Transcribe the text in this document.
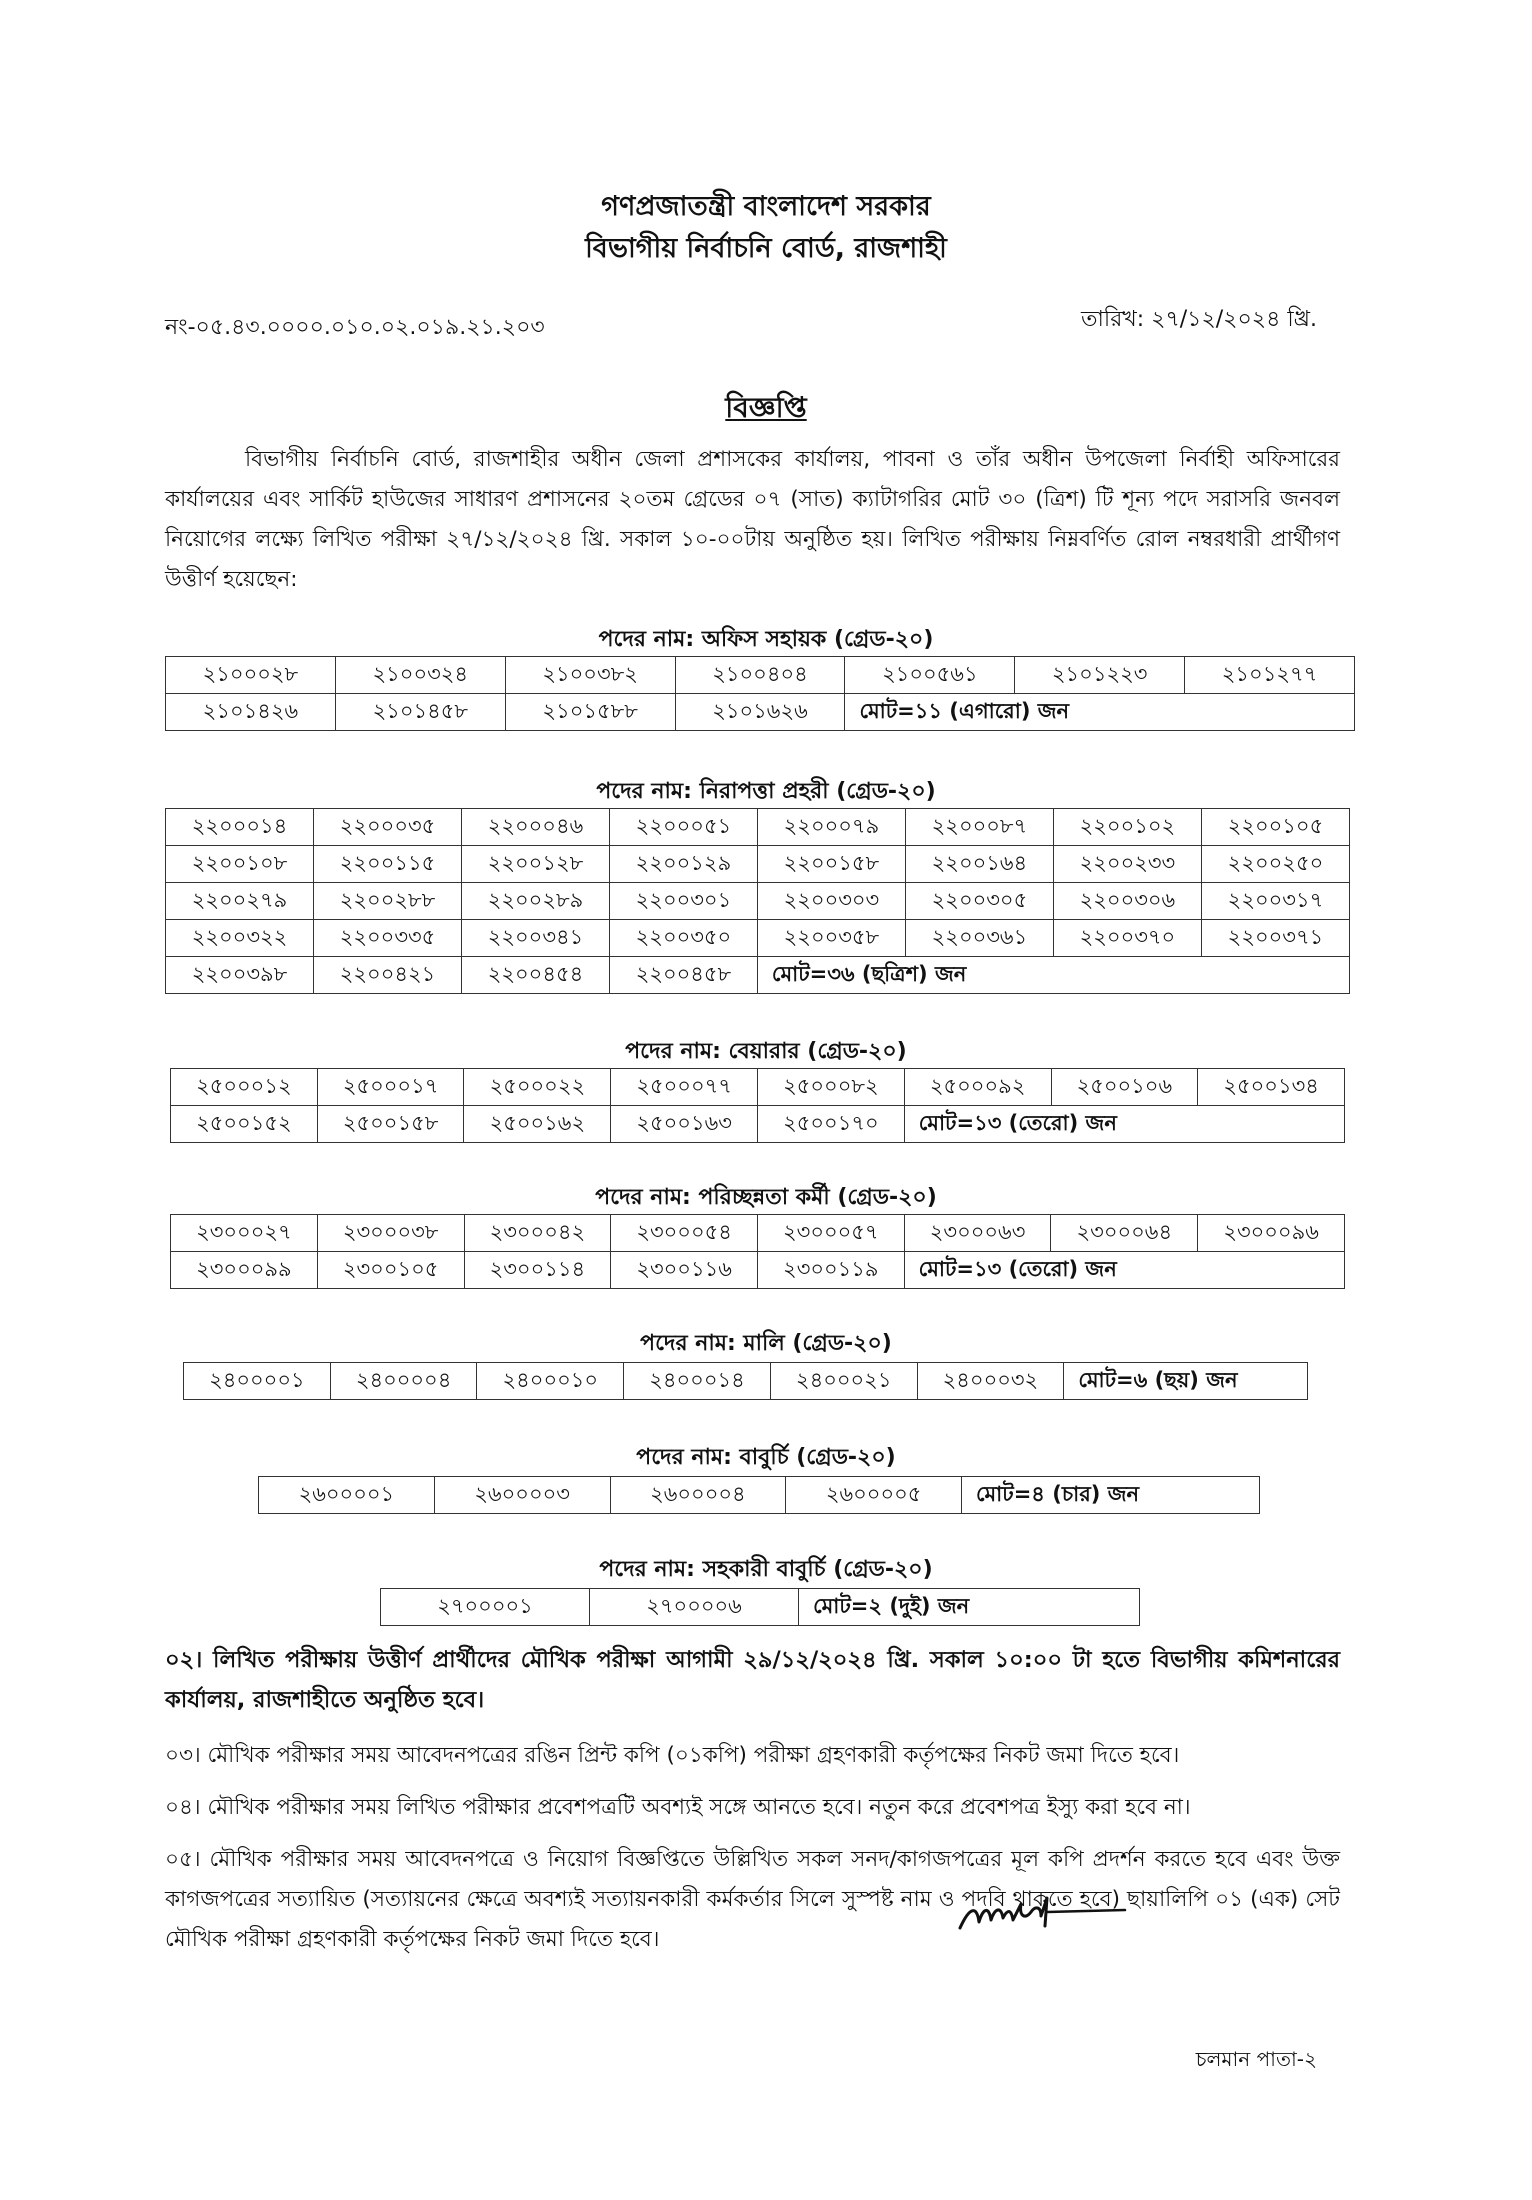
গণপ্রজাতন্ত্রী বাংলাদেশ সরকার
বিভাগীয় নির্বাচনি বোর্ড, রাজশাহী
নং-০৫.৪৩.০০০০.০১০.০২.০১৯.২১.২০৩	তারিখ: ২৭/১২/২০২৪ খ্রি.
বিজ্ঞপ্তি
বিভাগীয় নির্বাচনি বোর্ড, রাজশাহীর অধীন জেলা প্রশাসকের কার্যালয়, পাবনা ও তাঁর অধীন উপজেলা নির্বাহী অফিসারের কার্যালয়ের এবং সার্কিট হাউজের সাধারণ প্রশাসনের ২০তম গ্রেডের ০৭ (সাত) ক্যাটাগরির মোট ৩০ (ত্রিশ) টি শূন্য পদে সরাসরি জনবল নিয়োগের লক্ষ্যে লিখিত পরীক্ষা ২৭/১২/২০২৪ খ্রি. সকাল ১০-০০টায় অনুষ্ঠিত হয়। লিখিত পরীক্ষায় নিম্নবর্ণিত রোল নম্বরধারী প্রার্থীগণ উত্তীর্ণ হয়েছেন:
পদের নাম: অফিস সহায়ক (গ্রেড-২০)
২১০০০২৮	২১০০৩২৪	২১০০৩৮২	২১০০৪০৪	২১০০৫৬১	২১০১২২৩	২১০১২৭৭
২১০১৪২৬	২১০১৪৫৮	২১০১৫৮৮	২১০১৬২৬	মোট=১১ (এগারো) জন		
পদের নাম: নিরাপত্তা প্রহরী (গ্রেড-২০)
২২০০০১৪	২২০০০৩৫	২২০০০৪৬	২২০০০৫১	২২০০০৭৯	২২০০০৮৭	২২০০১০২	২২০০১০৫
২২০০১০৮	২২০০১১৫	২২০০১২৮	২২০০১২৯	২২০০১৫৮	২২০০১৬৪	২২০০২৩৩	২২০০২৫০
২২০০২৭৯	২২০০২৮৮	২২০০২৮৯	২২০০৩০১	২২০০৩০৩	২২০০৩০৫	২২০০৩০৬	২২০০৩১৭
২২০০৩২২	২২০০৩৩৫	২২০০৩৪১	২২০০৩৫০	২২০০৩৫৮	২২০০৩৬১	২২০০৩৭০	২২০০৩৭১
২২০০৩৯৮	২২০০৪২১	২২০০৪৫৪	২২০০৪৫৮	মোট=৩৬ (ছত্রিশ) জন			
পদের নাম: বেয়ারার (গ্রেড-২০)
২৫০০০১২	২৫০০০১৭	২৫০০০২২	২৫০০০৭৭	২৫০০০৮২	২৫০০০৯২	২৫০০১০৬	২৫০০১৩৪
২৫০০১৫২	২৫০০১৫৮	২৫০০১৬২	২৫০০১৬৩	২৫০০১৭০	মোট=১৩ (তেরো) জন		
পদের নাম: পরিচ্ছন্নতা কর্মী (গ্রেড-২০)
২৩০০০২৭	২৩০০০৩৮	২৩০০০৪২	২৩০০০৫৪	২৩০০০৫৭	২৩০০০৬৩	২৩০০০৬৪	২৩০০০৯৬
২৩০০০৯৯	২৩০০১০৫	২৩০০১১৪	২৩০০১১৬	২৩০০১১৯	মোট=১৩ (তেরো) জন		
পদের নাম: মালি (গ্রেড-২০)
২৪০০০০১	২৪০০০০৪	২৪০০০১০	২৪০০০১৪	২৪০০০২১	২৪০০০৩২	মোট=৬ (ছয়) জন
পদের নাম: বাবুর্চি (গ্রেড-২০)
২৬০০০০১	২৬০০০০৩	২৬০০০০৪	২৬০০০০৫	মোট=৪ (চার) জন
পদের নাম: সহকারী বাবুর্চি (গ্রেড-২০)
২৭০০০০১	২৭০০০০৬	মোট=২ (দুই) জন
০২। লিখিত পরীক্ষায় উত্তীর্ণ প্রার্থীদের মৌখিক পরীক্ষা আগামী ২৯/১২/২০২৪ খ্রি. সকাল ১০:০০ টা হতে বিভাগীয় কমিশনারের কার্যালয়, রাজশাহীতে অনুষ্ঠিত হবে।
০৩। মৌখিক পরীক্ষার সময় আবেদনপত্রের রঙিন প্রিন্ট কপি (০১কপি) পরীক্ষা গ্রহণকারী কর্তৃপক্ষের নিকট জমা দিতে হবে।
০৪। মৌখিক পরীক্ষার সময় লিখিত পরীক্ষার প্রবেশপত্রটি অবশ্যই সঙ্গে আনতে হবে। নতুন করে প্রবেশপত্র ইস্যু করা হবে না।
০৫। মৌখিক পরীক্ষার সময় আবেদনপত্রে ও নিয়োগ বিজ্ঞপ্তিতে উল্লিখিত সকল সনদ/কাগজপত্রের মূল কপি প্রদর্শন করতে হবে এবং উক্ত কাগজপত্রের সত্যায়িত (সত্যায়নের ক্ষেত্রে অবশ্যই সত্যায়নকারী কর্মকর্তার সিলে সুস্পষ্ট নাম ও পদবি থাকতে হবে) ছায়ালিপি ০১ (এক) সেট মৌখিক পরীক্ষা গ্রহণকারী কর্তৃপক্ষের নিকট জমা দিতে হবে।
চলমান পাতা-২
